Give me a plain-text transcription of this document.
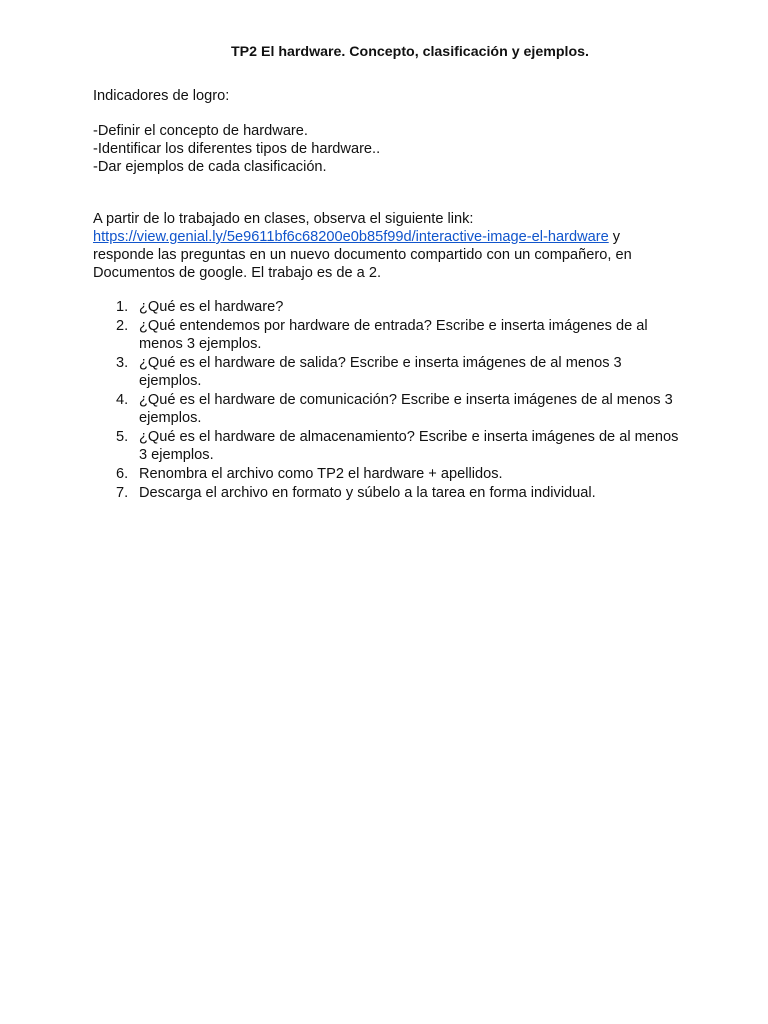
TP2 El hardware. Concepto, clasificación y ejemplos.
Indicadores de logro:
-Definir el concepto de hardware.
-Identificar los diferentes tipos de hardware..
-Dar ejemplos de cada clasificación.
A partir de lo trabajado en clases, observa el siguiente link:
https://view.genial.ly/5e9611bf6c68200e0b85f99d/interactive-image-el-hardware y responde las preguntas en un nuevo documento compartido con un compañero, en Documentos de google. El trabajo es de a 2.
1. ¿Qué es el hardware?
2. ¿Qué entendemos por hardware de entrada? Escribe e inserta imágenes de al menos 3 ejemplos.
3. ¿Qué es el hardware de salida? Escribe e inserta imágenes de al menos 3 ejemplos.
4. ¿Qué es el hardware de comunicación? Escribe e inserta imágenes de al menos 3 ejemplos.
5. ¿Qué es el hardware de almacenamiento? Escribe e inserta imágenes de al menos 3 ejemplos.
6. Renombra el archivo como TP2 el hardware + apellidos.
7. Descarga el archivo en formato y súbelo a la tarea en forma individual.
